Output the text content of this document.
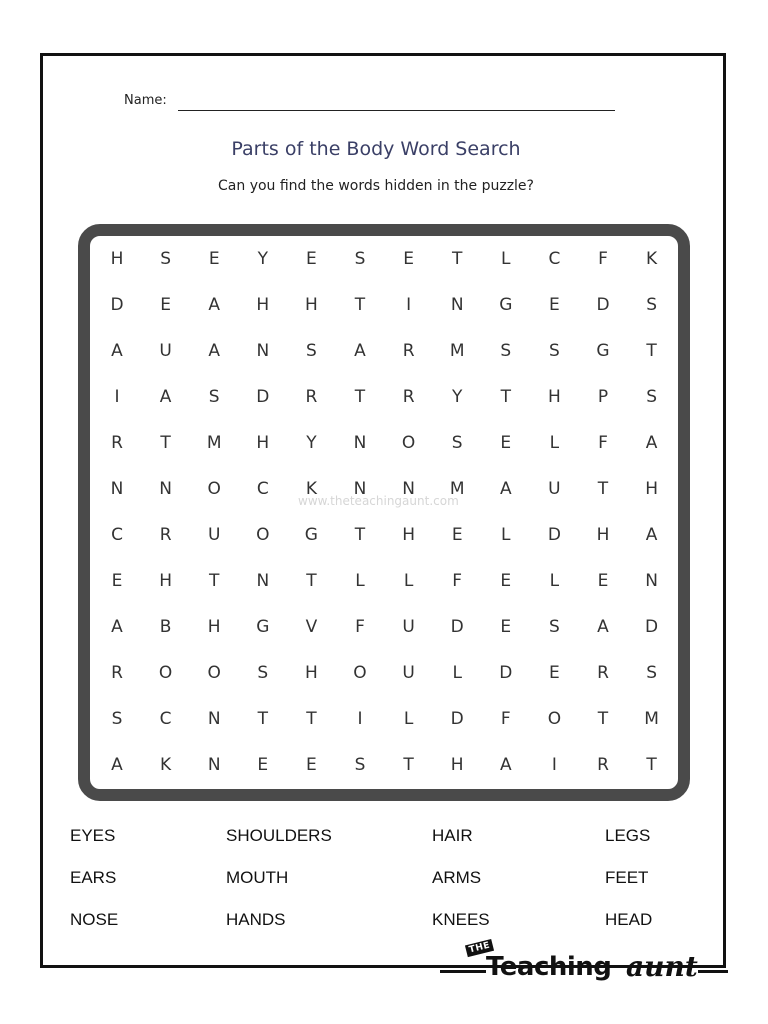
Name:
Parts of the Body Word Search
Can you find the words hidden in the puzzle?
H S E Y E S E T L C F K
D E A H H T I N G E D S
A U A N S A R M S S G T
I A S D R T R Y T H P S
R T M H Y N O S E L F A
N N O C K N N M A U T H
C R U O G T H E L D H A
E H T N T L L F E L E N
A B H G V F U D E S A D
R O O S H O U L D E R S
S C N T T I L D F O T M
A K N E E S T H A I R T
www.theteachingaunt.com
EYES
EARS
NOSE
SHOULDERS
MOUTH
HANDS
HAIR
ARMS
KNEES
LEGS
FEET
HEAD
THE
Teaching aunt
